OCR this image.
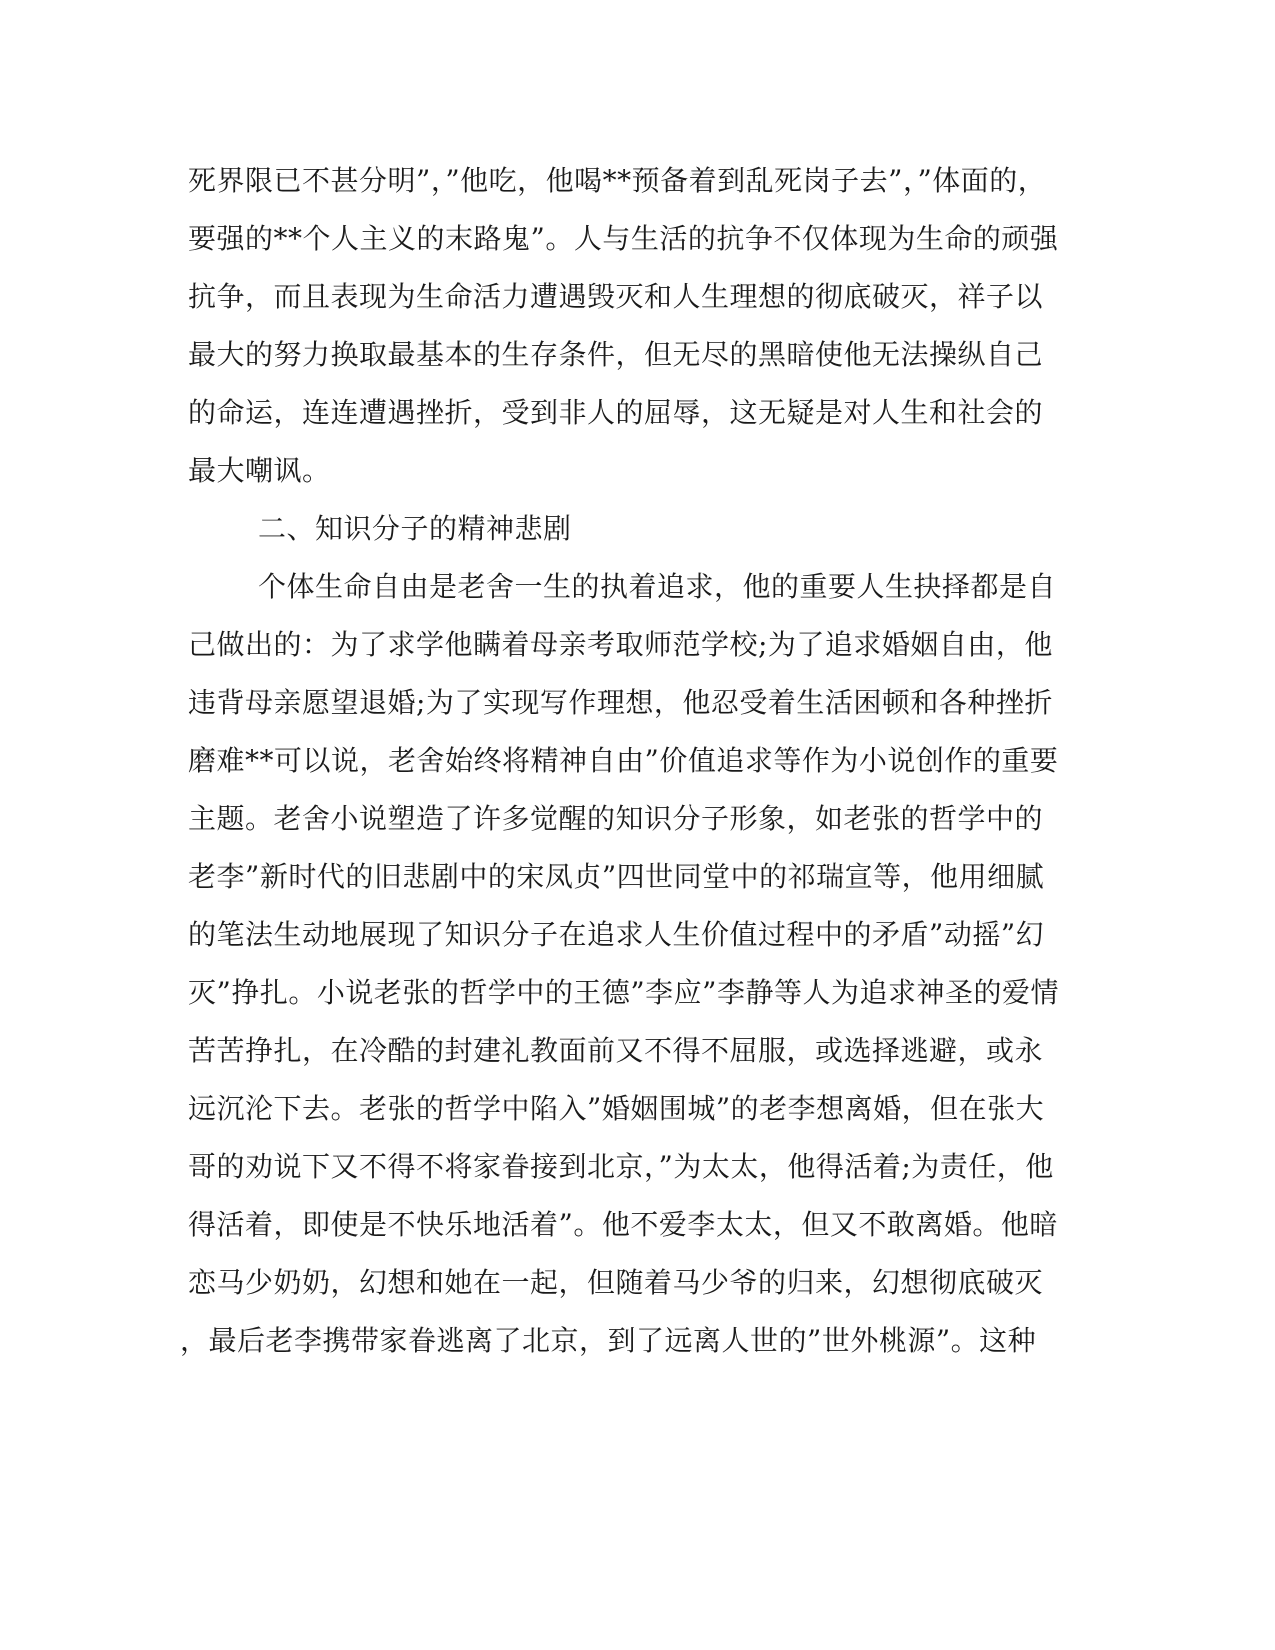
死界限已不甚分明”，”他吃，他喝**预备着到乱死岗子去”，”体面的，
要强的**个人主义的末路鬼”。人与生活的抗争不仅体现为生命的顽强
抗争，而且表现为生命活力遭遇毁灭和人生理想的彻底破灭，祥子以
最大的努力换取最基本的生存条件，但无尽的黑暗使他无法操纵自己
的命运，连连遭遇挫折，受到非人的屈辱，这无疑是对人生和社会的
最大嘲讽。
二、知识分子的精神悲剧
个体生命自由是老舍一生的执着追求，他的重要人生抉择都是自
己做出的：为了求学他瞒着母亲考取师范学校;为了追求婚姻自由，他
违背母亲愿望退婚;为了实现写作理想，他忍受着生活困顿和各种挫折
磨难**可以说，老舍始终将精神自由”价值追求等作为小说创作的重要
主题。老舍小说塑造了许多觉醒的知识分子形象，如老张的哲学中的
老李”新时代的旧悲剧中的宋凤贞”四世同堂中的祁瑞宣等，他用细腻
的笔法生动地展现了知识分子在追求人生价值过程中的矛盾”动摇”幻
灭”挣扎。小说老张的哲学中的王德”李应”李静等人为追求神圣的爱情
苦苦挣扎，在冷酷的封建礼教面前又不得不屈服，或选择逃避，或永
远沉沦下去。老张的哲学中陷入”婚姻围城”的老李想离婚，但在张大
哥的劝说下又不得不将家眷接到北京，”为太太，他得活着;为责任，他
得活着，即使是不快乐地活着”。他不爱李太太，但又不敢离婚。他暗
恋马少奶奶，幻想和她在一起，但随着马少爷的归来，幻想彻底破灭
，最后老李携带家眷逃离了北京，到了远离人世的”世外桃源”。这种
